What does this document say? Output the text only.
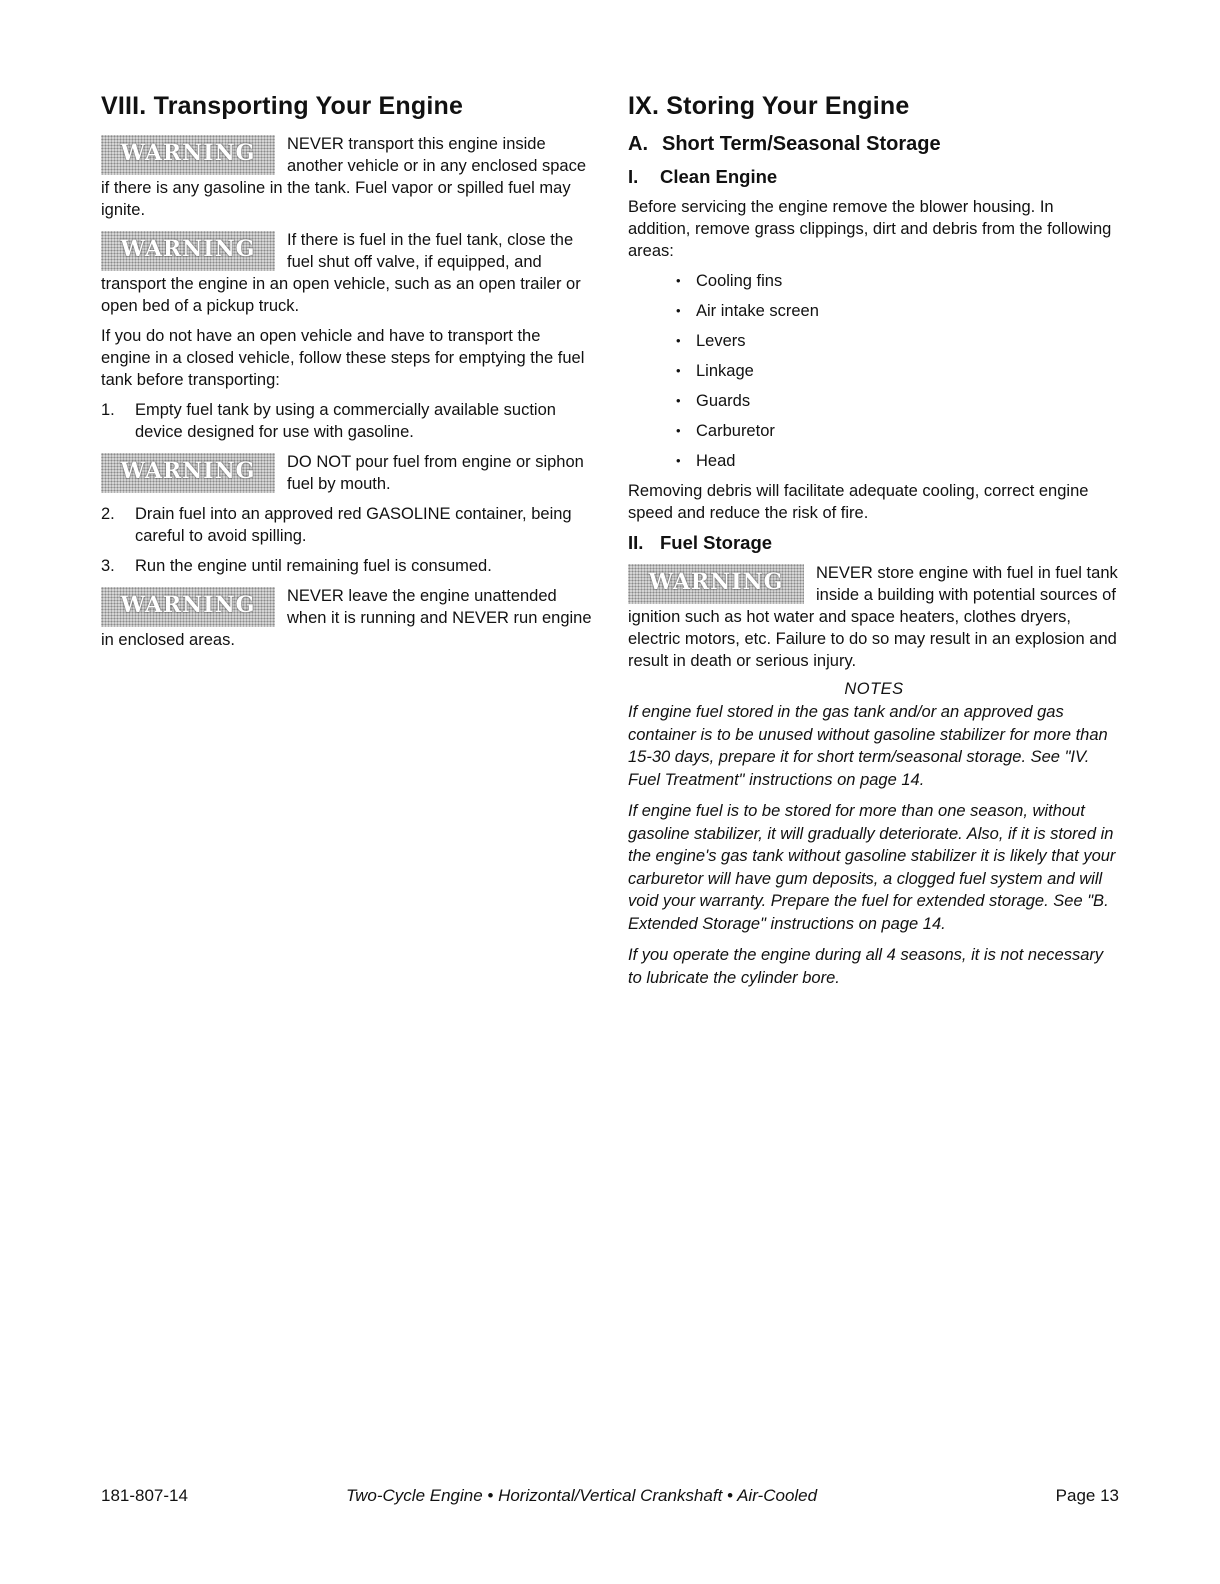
VIII. Transporting Your Engine
WARNING	NEVER transport this engine inside another vehicle or in any enclosed space if there is any gasoline in the tank. Fuel vapor or spilled fuel may ignite.
WARNING	If there is fuel in the fuel tank, close the fuel shut off valve, if equipped, and transport the engine in an open vehicle, such as an open trailer or open bed of a pickup truck.

If you do not have an open vehicle and have to transport the engine in a closed vehicle, follow these steps for emptying the fuel tank before transporting:

1. Empty fuel tank by using a commercially available suction device designed for use with gasoline.
WARNING	DO NOT pour fuel from engine or siphon fuel by mouth.
2. Drain fuel into an approved red GASOLINE container, being careful to avoid spilling.
3. Run the engine until remaining fuel is consumed.
WARNING	NEVER leave the engine unattended when it is running and NEVER run engine in enclosed areas.
IX. Storing Your Engine
A. Short Term/Seasonal Storage
I. Clean Engine

Before servicing the engine remove the blower housing. In addition, remove grass clippings, dirt and debris from the following areas:

• Cooling fins
• Air intake screen
• Levers
• Linkage
• Guards
• Carburetor
• Head

Removing debris will facilitate adequate cooling, correct engine speed and reduce the risk of fire.

II. Fuel Storage
WARNING	NEVER store engine with fuel in fuel tank inside a building with potential sources of ignition such as hot water and space heaters, clothes dryers, electric motors, etc. Failure to do so may result in an explosion and result in death or serious injury.
NOTES

If engine fuel stored in the gas tank and/or an approved gas container is to be unused without gasoline stabilizer for more than 15-30 days, prepare it for short term/seasonal storage. See "IV. Fuel Treatment" instructions on page 14.

If engine fuel is to be stored for more than one season, without gasoline stabilizer, it will gradually deteriorate. Also, if it is stored in the engine's gas tank without gasoline stabilizer it is likely that your carburetor will have gum deposits, a clogged fuel system and will void your warranty. Prepare the fuel for extended storage. See "B. Extended Storage" instructions on page 14.

If you operate the engine during all 4 seasons, it is not necessary to lubricate the cylinder bore.

181-807-14	Two-Cycle Engine • Horizontal/Vertical Crankshaft • Air-Cooled	Page 13
